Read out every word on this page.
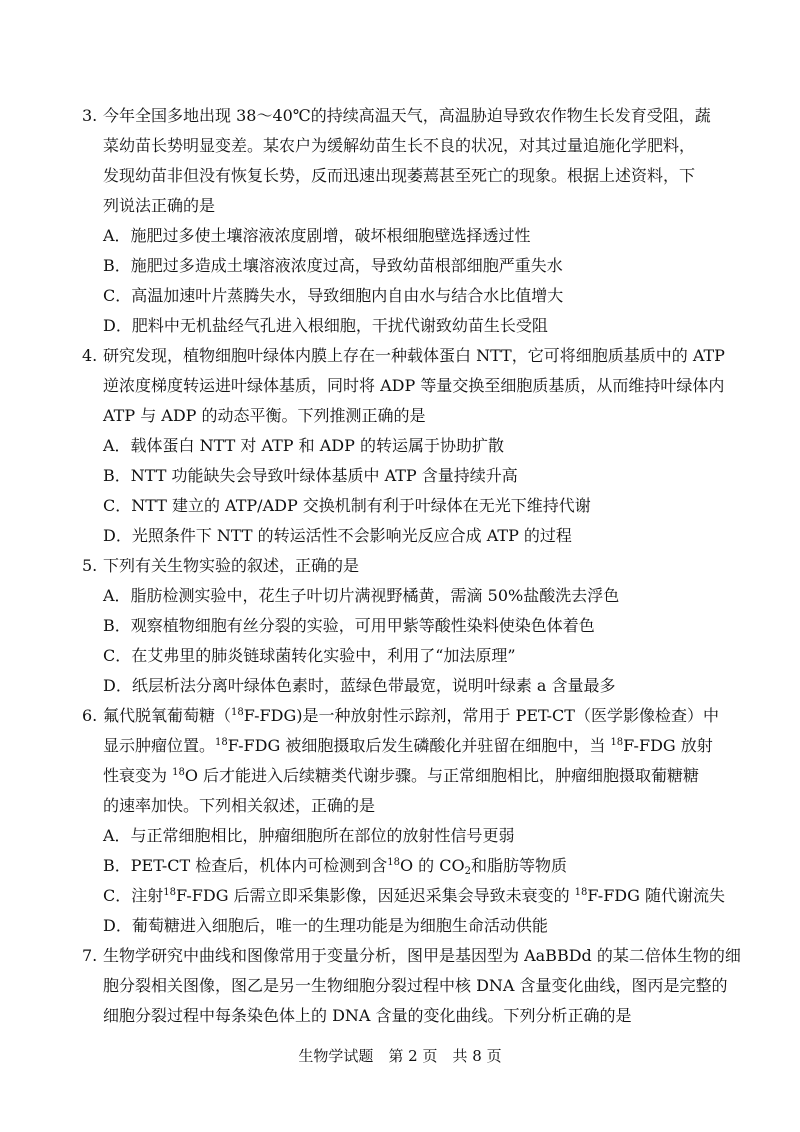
3. 今年全国多地出现 38～40℃的持续高温天气，高温胁迫导致农作物生长发育受阻，蔬
菜幼苗长势明显变差。某农户为缓解幼苗生长不良的状况，对其过量追施化学肥料，
发现幼苗非但没有恢复长势，反而迅速出现萎蔫甚至死亡的现象。根据上述资料，下
列说法正确的是
A．施肥过多使土壤溶液浓度剧增，破坏根细胞壁选择透过性
B．施肥过多造成土壤溶液浓度过高，导致幼苗根部细胞严重失水
C．高温加速叶片蒸腾失水，导致细胞内自由水与结合水比值增大
D．肥料中无机盐经气孔进入根细胞，干扰代谢致幼苗生长受阻
4. 研究发现，植物细胞叶绿体内膜上存在一种载体蛋白 NTT，它可将细胞质基质中的 ATP
逆浓度梯度转运进叶绿体基质，同时将 ADP 等量交换至细胞质基质，从而维持叶绿体内
ATP 与 ADP 的动态平衡。下列推测正确的是
A．载体蛋白 NTT 对 ATP 和 ADP 的转运属于协助扩散
B．NTT 功能缺失会导致叶绿体基质中 ATP 含量持续升高
C．NTT 建立的 ATP/ADP 交换机制有利于叶绿体在无光下维持代谢
D．光照条件下 NTT 的转运活性不会影响光反应合成 ATP 的过程
5. 下列有关生物实验的叙述，正确的是
A．脂肪检测实验中，花生子叶切片满视野橘黄，需滴 50%盐酸洗去浮色
B．观察植物细胞有丝分裂的实验，可用甲紫等酸性染料使染色体着色
C．在艾弗里的肺炎链球菌转化实验中，利用了“加法原理”
D．纸层析法分离叶绿体色素时，蓝绿色带最宽，说明叶绿素 a 含量最多
6. 氟代脱氧葡萄糖（$^{18}$F-FDG)是一种放射性示踪剂，常用于 PET-CT（医学影像检查）中
显示肿瘤位置。$^{18}$F-FDG 被细胞摄取后发生磷酸化并驻留在细胞中，当 $^{18}$F-FDG 放射
性衰变为 $^{18}$O 后才能进入后续糖类代谢步骤。与正常细胞相比，肿瘤细胞摄取葡糖糖
的速率加快。下列相关叙述，正确的是
A．与正常细胞相比，肿瘤细胞所在部位的放射性信号更弱
B．PET-CT 检查后，机体内可检测到含$^{18}$O 的 $CO_2$和脂肪等物质
C．注射$^{18}$F-FDG 后需立即采集影像，因延迟采集会导致未衰变的 $^{18}$F-FDG 随代谢流失
D．葡萄糖进入细胞后，唯一的生理功能是为细胞生命活动供能
7. 生物学研究中曲线和图像常用于变量分析，图甲是基因型为 AaBBDd 的某二倍体生物的细
胞分裂相关图像，图乙是另一生物细胞分裂过程中核 DNA 含量变化曲线，图丙是完整的
细胞分裂过程中每条染色体上的 DNA 含量的变化曲线。下列分析正确的是
生物学试题　第 2 页　共 8 页
